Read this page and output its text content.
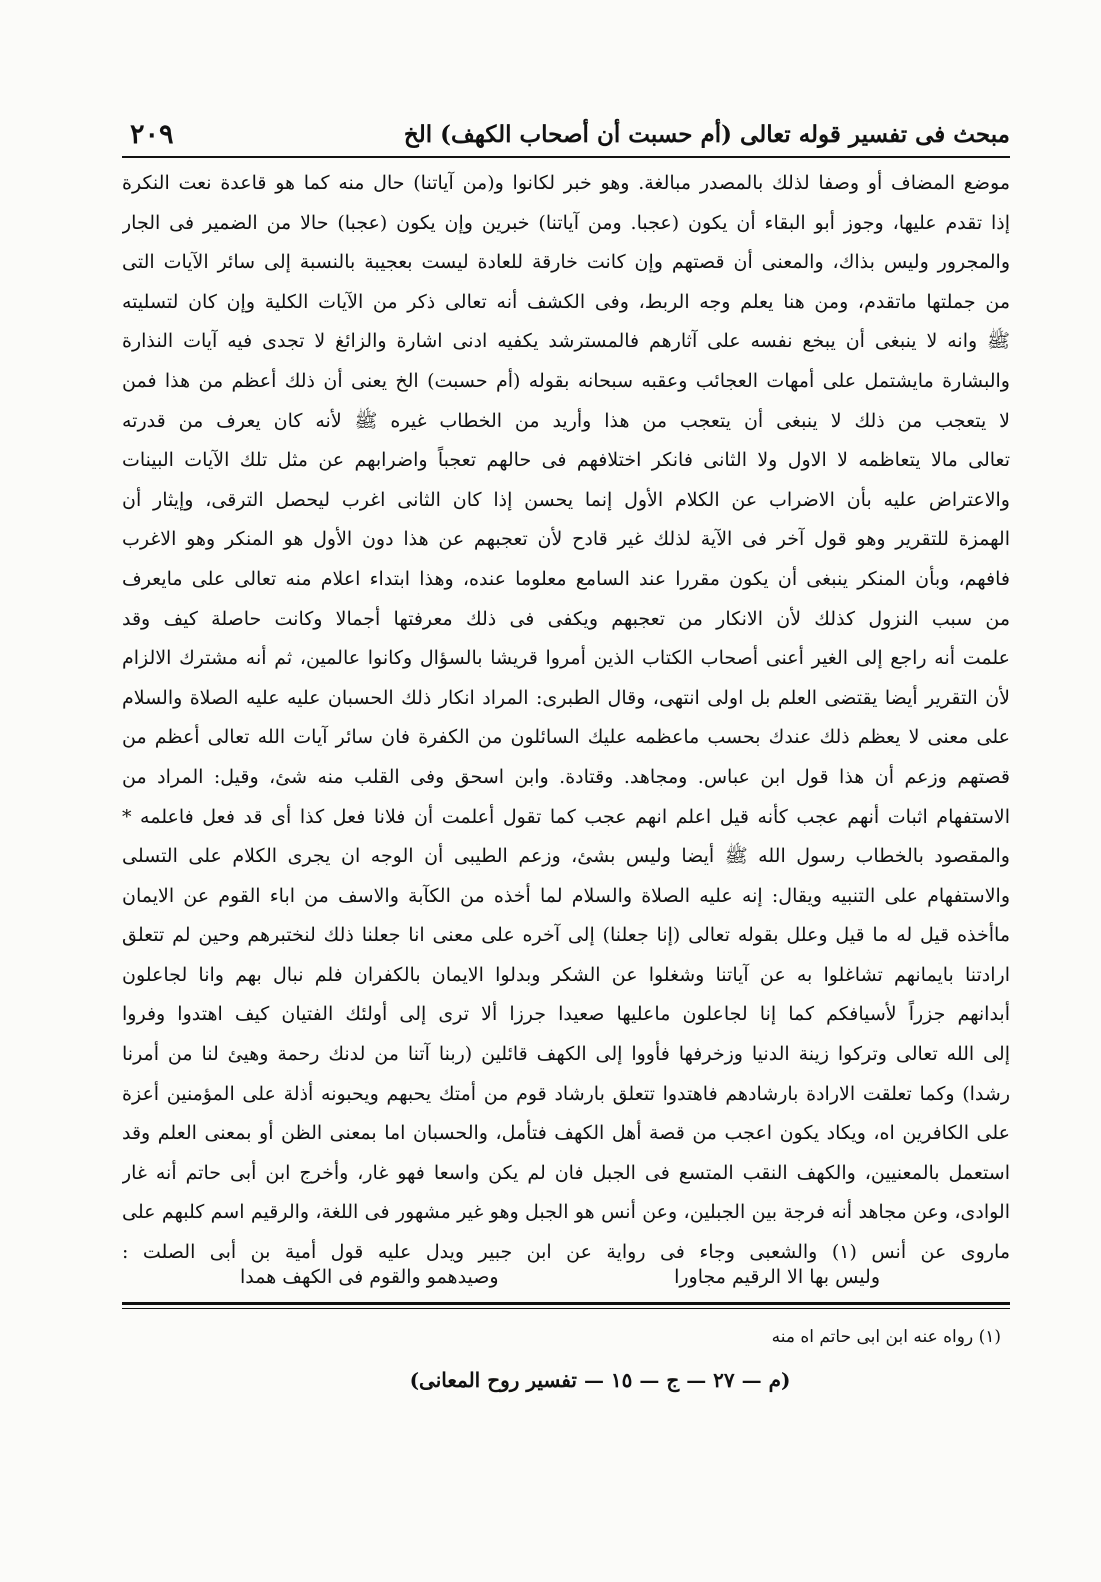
مبحث فى تفسير قوله تعالى (أم حسبت أن أصحاب الكهف) الخ
٢٠٩
موضع المضاف أو وصفا لذلك بالمصدر مبالغة. وهو خبر لكانوا و(من آياتنا) حال منه كما هو قاعدة نعت النكرة
إذا تقدم عليها، وجوز أبو البقاء أن يكون (عجبا. ومن آياتنا) خبرين وإن يكون (عجبا) حالا من الضمير فى الجار
والمجرور وليس بذاك، والمعنى أن قصتهم وإن كانت خارقة للعادة ليست بعجيبة بالنسبة إلى سائر الآيات التى
من جملتها ماتقدم، ومن هنا يعلم وجه الربط، وفى الكشف أنه تعالى ذكر من الآيات الكلية وإن كان لتسليته
ﷺ وانه لا ينبغى أن يبخع نفسه على آثارهم فالمسترشد يكفيه ادنى اشارة والزائغ لا تجدى فيه آيات النذارة
والبشارة مايشتمل على أمهات العجائب وعقبه سبحانه بقوله (أم حسبت) الخ يعنى أن ذلك أعظم من هذا فمن
لا يتعجب من ذلك لا ينبغى أن يتعجب من هذا وأريد من الخطاب غيره ﷺ لأنه كان يعرف من قدرته
تعالى مالا يتعاظمه لا الاول ولا الثانى فانكر اختلافهم فى حالهم تعجباً واضرابهم عن مثل تلك الآيات البينات
والاعتراض عليه بأن الاضراب عن الكلام الأول إنما يحسن إذا كان الثانى اغرب ليحصل الترقى، وإيثار أن
الهمزة للتقرير وهو قول آخر فى الآية لذلك غير قادح لأن تعجبهم عن هذا دون الأول هو المنكر وهو الاغرب
فافهم، وبأن المنكر ينبغى أن يكون مقررا عند السامع معلوما عنده، وهذا ابتداء اعلام منه تعالى على مايعرف
من سبب النزول كذلك لأن الانكار من تعجبهم ويكفى فى ذلك معرفتها أجمالا وكانت حاصلة كيف وقد
علمت أنه راجع إلى الغير أعنى أصحاب الكتاب الذين أمروا قريشا بالسؤال وكانوا عالمين، ثم أنه مشترك الالزام
لأن التقرير أيضا يقتضى العلم بل اولى انتهى، وقال الطبرى: المراد انكار ذلك الحسبان عليه عليه الصلاة والسلام
على معنى لا يعظم ذلك عندك بحسب ماعظمه عليك السائلون من الكفرة فان سائر آيات الله تعالى أعظم من
قصتهم وزعم أن هذا قول ابن عباس. ومجاهد. وقتادة. وابن اسحق وفى القلب منه شئ، وقيل: المراد من
الاستفهام اثبات أنهم عجب كأنه قيل اعلم انهم عجب كما تقول أعلمت أن فلانا فعل كذا أى قد فعل فاعلمه *
والمقصود بالخطاب رسول الله ﷺ أيضا وليس بشئ، وزعم الطيبى أن الوجه ان يجرى الكلام على التسلى
والاستفهام على التنبيه ويقال: إنه عليه الصلاة والسلام لما أخذه من الكآبة والاسف من اباء القوم عن الايمان
ماأخذه قيل له ما قيل وعلل بقوله تعالى (إنا جعلنا) إلى آخره على معنى انا جعلنا ذلك لنختبرهم وحين لم تتعلق
ارادتنا بايمانهم تشاغلوا به عن آياتنا وشغلوا عن الشكر وبدلوا الايمان بالكفران فلم نبال بهم وانا لجاعلون
أبدانهم جزراً لأسيافكم كما إنا لجاعلون ماعليها صعيدا جرزا ألا ترى إلى أولئك الفتيان كيف اهتدوا وفروا
إلى الله تعالى وتركوا زينة الدنيا وزخرفها فأووا إلى الكهف قائلين (ربنا آتنا من لدنك رحمة وهيئ لنا من أمرنا
رشدا) وكما تعلقت الارادة بارشادهم فاهتدوا تتعلق بارشاد قوم من أمتك يحبهم ويحبونه أذلة على المؤمنين أعزة
على الكافرين اه، ويكاد يكون اعجب من قصة أهل الكهف فتأمل، والحسبان اما بمعنى الظن أو بمعنى العلم وقد
استعمل بالمعنيين، والكهف النقب المتسع فى الجبل فان لم يكن واسعا فهو غار، وأخرج ابن أبى حاتم أنه غار
الوادى، وعن مجاهد أنه فرجة بين الجبلين، وعن أنس هو الجبل وهو غير مشهور فى اللغة، والرقيم اسم كلبهم على
ماروى عن أنس (١) والشعبى وجاء فى رواية عن ابن جبير ويدل عليه قول أمية بن أبى الصلت :
وليس بها الا الرقيم مجاورا
وصيدهمو والقوم فى الكهف همدا
(١) رواه عنه ابن ابى حاتم اه منه
(م — ٢٧ — ج — ١٥ — تفسير روح المعانى)
